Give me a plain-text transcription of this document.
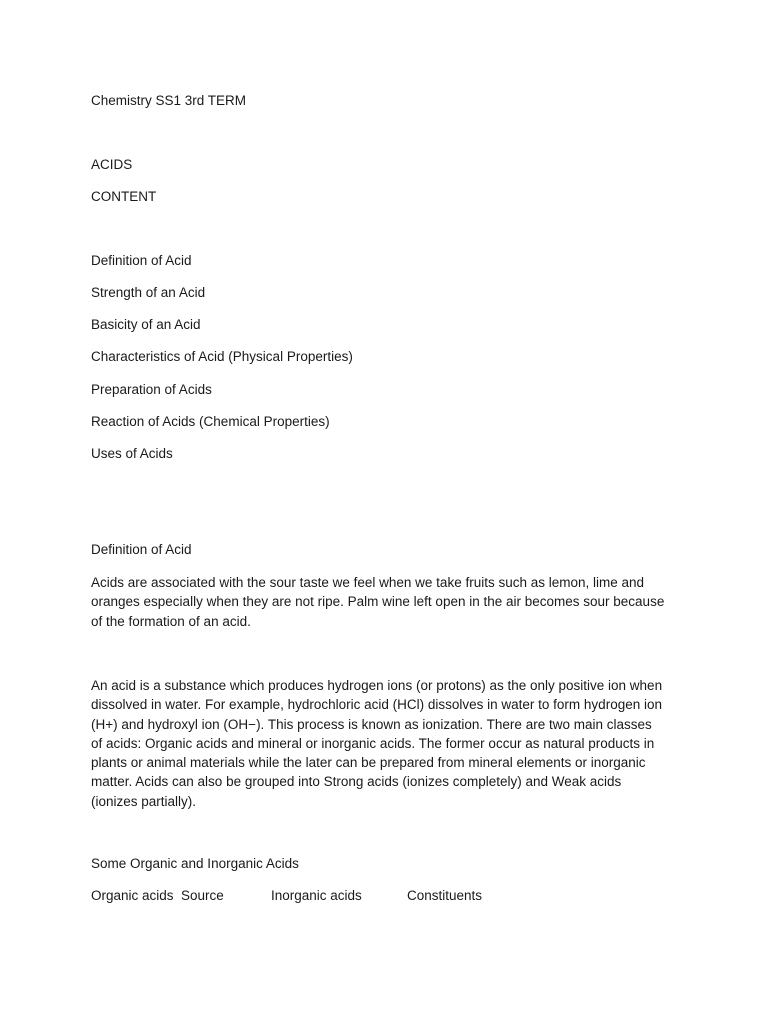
Chemistry SS1 3rd TERM
ACIDS
CONTENT
Definition of Acid
Strength of an Acid
Basicity of an Acid
Characteristics of Acid (Physical Properties)
Preparation of Acids
Reaction of Acids (Chemical Properties)
Uses of Acids
Definition of Acid
Acids are associated with the sour taste we feel when we take fruits such as lemon, lime and
oranges especially when they are not ripe. Palm wine left open in the air becomes sour because
of the formation of an acid.
An acid is a substance which produces hydrogen ions (or protons) as the only positive ion when
dissolved in water. For example, hydrochloric acid (HCl) dissolves in water to form hydrogen ion
(H+) and hydroxyl ion (OH−). This process is known as ionization. There are two main classes
of acids: Organic acids and mineral or inorganic acids. The former occur as natural products in
plants or animal materials while the later can be prepared from mineral elements or inorganic
matter. Acids can also be grouped into Strong acids (ionizes completely) and Weak acids
(ionizes partially).
Some Organic and Inorganic Acids
Organic acids Source	Inorganic acids	Constituents
